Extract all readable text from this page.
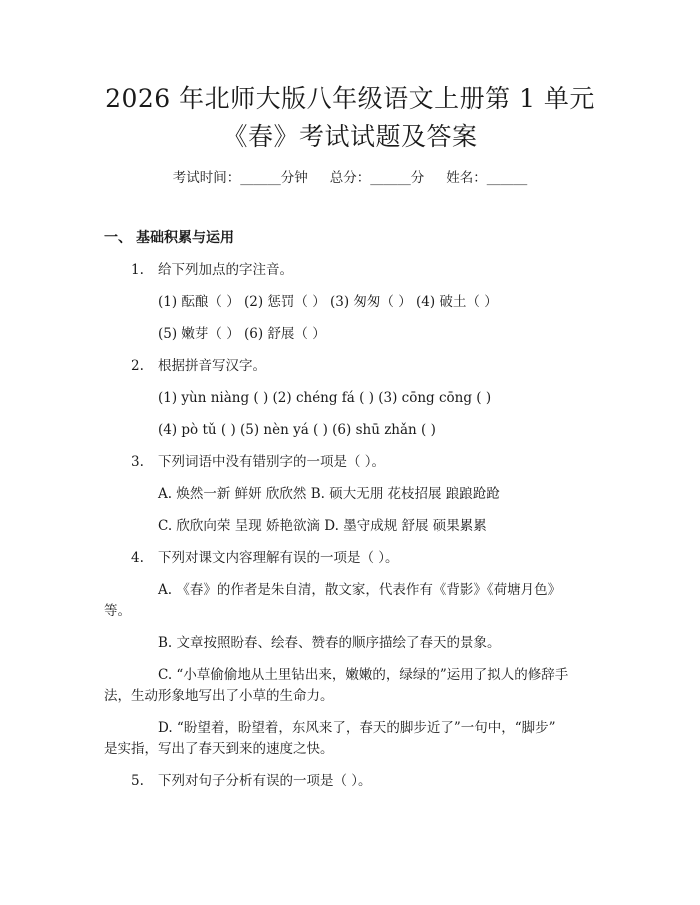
2026 年北师大版八年级语文上册第 1 单元
《春》考试试题及答案
考试时间：______分钟 总分：______分 姓名：______
一、 基础积累与运用
1. 给下列加点的字注音。
(1) 酝酿（ ） (2) 惩罚（ ） (3) 匆匆（ ） (4) 破土（ ）
(5) 嫩芽（ ） (6) 舒展（ ）
2. 根据拼音写汉字。
(1) yùn niàng ( ) (2) chéng fá ( ) (3) cōng cōng ( )
(4) pò tǔ ( ) (5) nèn yá ( ) (6) shū zhǎn ( )
3. 下列词语中没有错别字的一项是（ ）。
A. 焕然一新 鲜妍 欣欣然 B. 硕大无朋 花枝招展 踉踉跄跄
C. 欣欣向荣 呈现 娇艳欲滴 D. 墨守成规 舒展 硕果累累
4. 下列对课文内容理解有误的一项是（ ）。
A. 《春》的作者是朱自清，散文家，代表作有《背影》《荷塘月色》
等。
B. 文章按照盼春、绘春、赞春的顺序描绘了春天的景象。
C. “小草偷偷地从土里钻出来，嫩嫩的，绿绿的”运用了拟人的修辞手
法，生动形象地写出了小草的生命力。
D. “盼望着，盼望着，东风来了，春天的脚步近了”一句中，“脚步”
是实指，写出了春天到来的速度之快。
5. 下列对句子分析有误的一项是（ ）。
